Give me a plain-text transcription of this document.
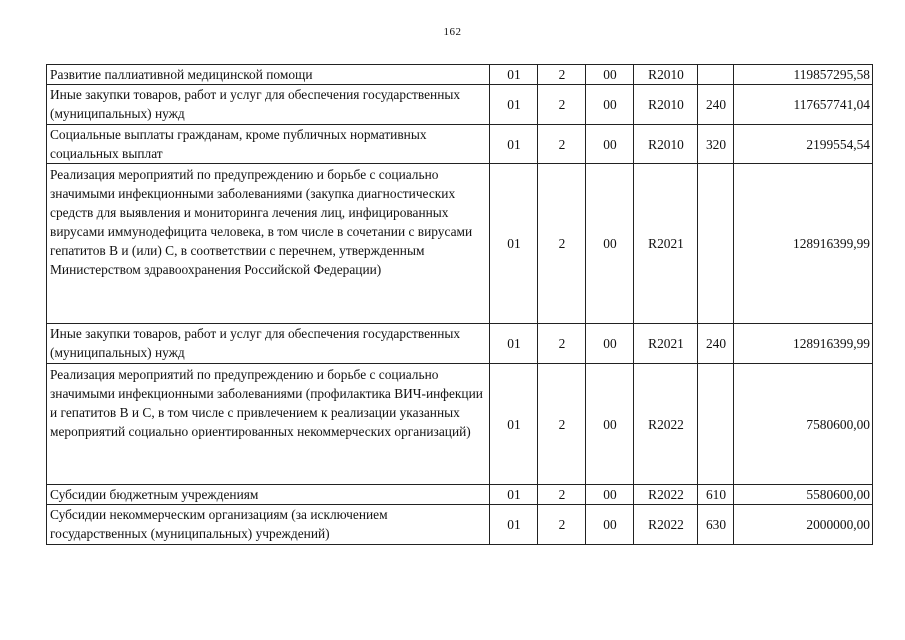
162
Развитие паллиативной медицинской помощи	01	2	00	R2010		119857295,58
Иные закупки товаров, работ и услуг для обеспечения государственных (муниципальных) нужд	01	2	00	R2010	240	117657741,04
Социальные выплаты гражданам, кроме публичных нормативных социальных выплат	01	2	00	R2010	320	2199554,54
Реализация мероприятий по предупреждению и борьбе с социально значимыми инфекционными заболеваниями (закупка диагностических средств для выявления и мониторинга лечения лиц, инфицированных вирусами иммунодефицита человека, в том числе в сочетании с вирусами гепатитов В и (или) С, в соответствии с перечнем, утвержденным Министерством здравоохранения Российской Федерации)	01	2	00	R2021		128916399,99
Иные закупки товаров, работ и услуг для обеспечения государственных (муниципальных) нужд	01	2	00	R2021	240	128916399,99
Реализация мероприятий по предупреждению и борьбе с социально значимыми инфекционными заболеваниями (профилактика ВИЧ-инфекции и гепатитов В и С, в том числе с привлечением к реализации указанных мероприятий социально ориентированных некоммерческих организаций)	01	2	00	R2022		7580600,00
Субсидии бюджетным учреждениям	01	2	00	R2022	610	5580600,00
Субсидии некоммерческим организациям (за исключением государственных (муниципальных) учреждений)	01	2	00	R2022	630	2000000,00
